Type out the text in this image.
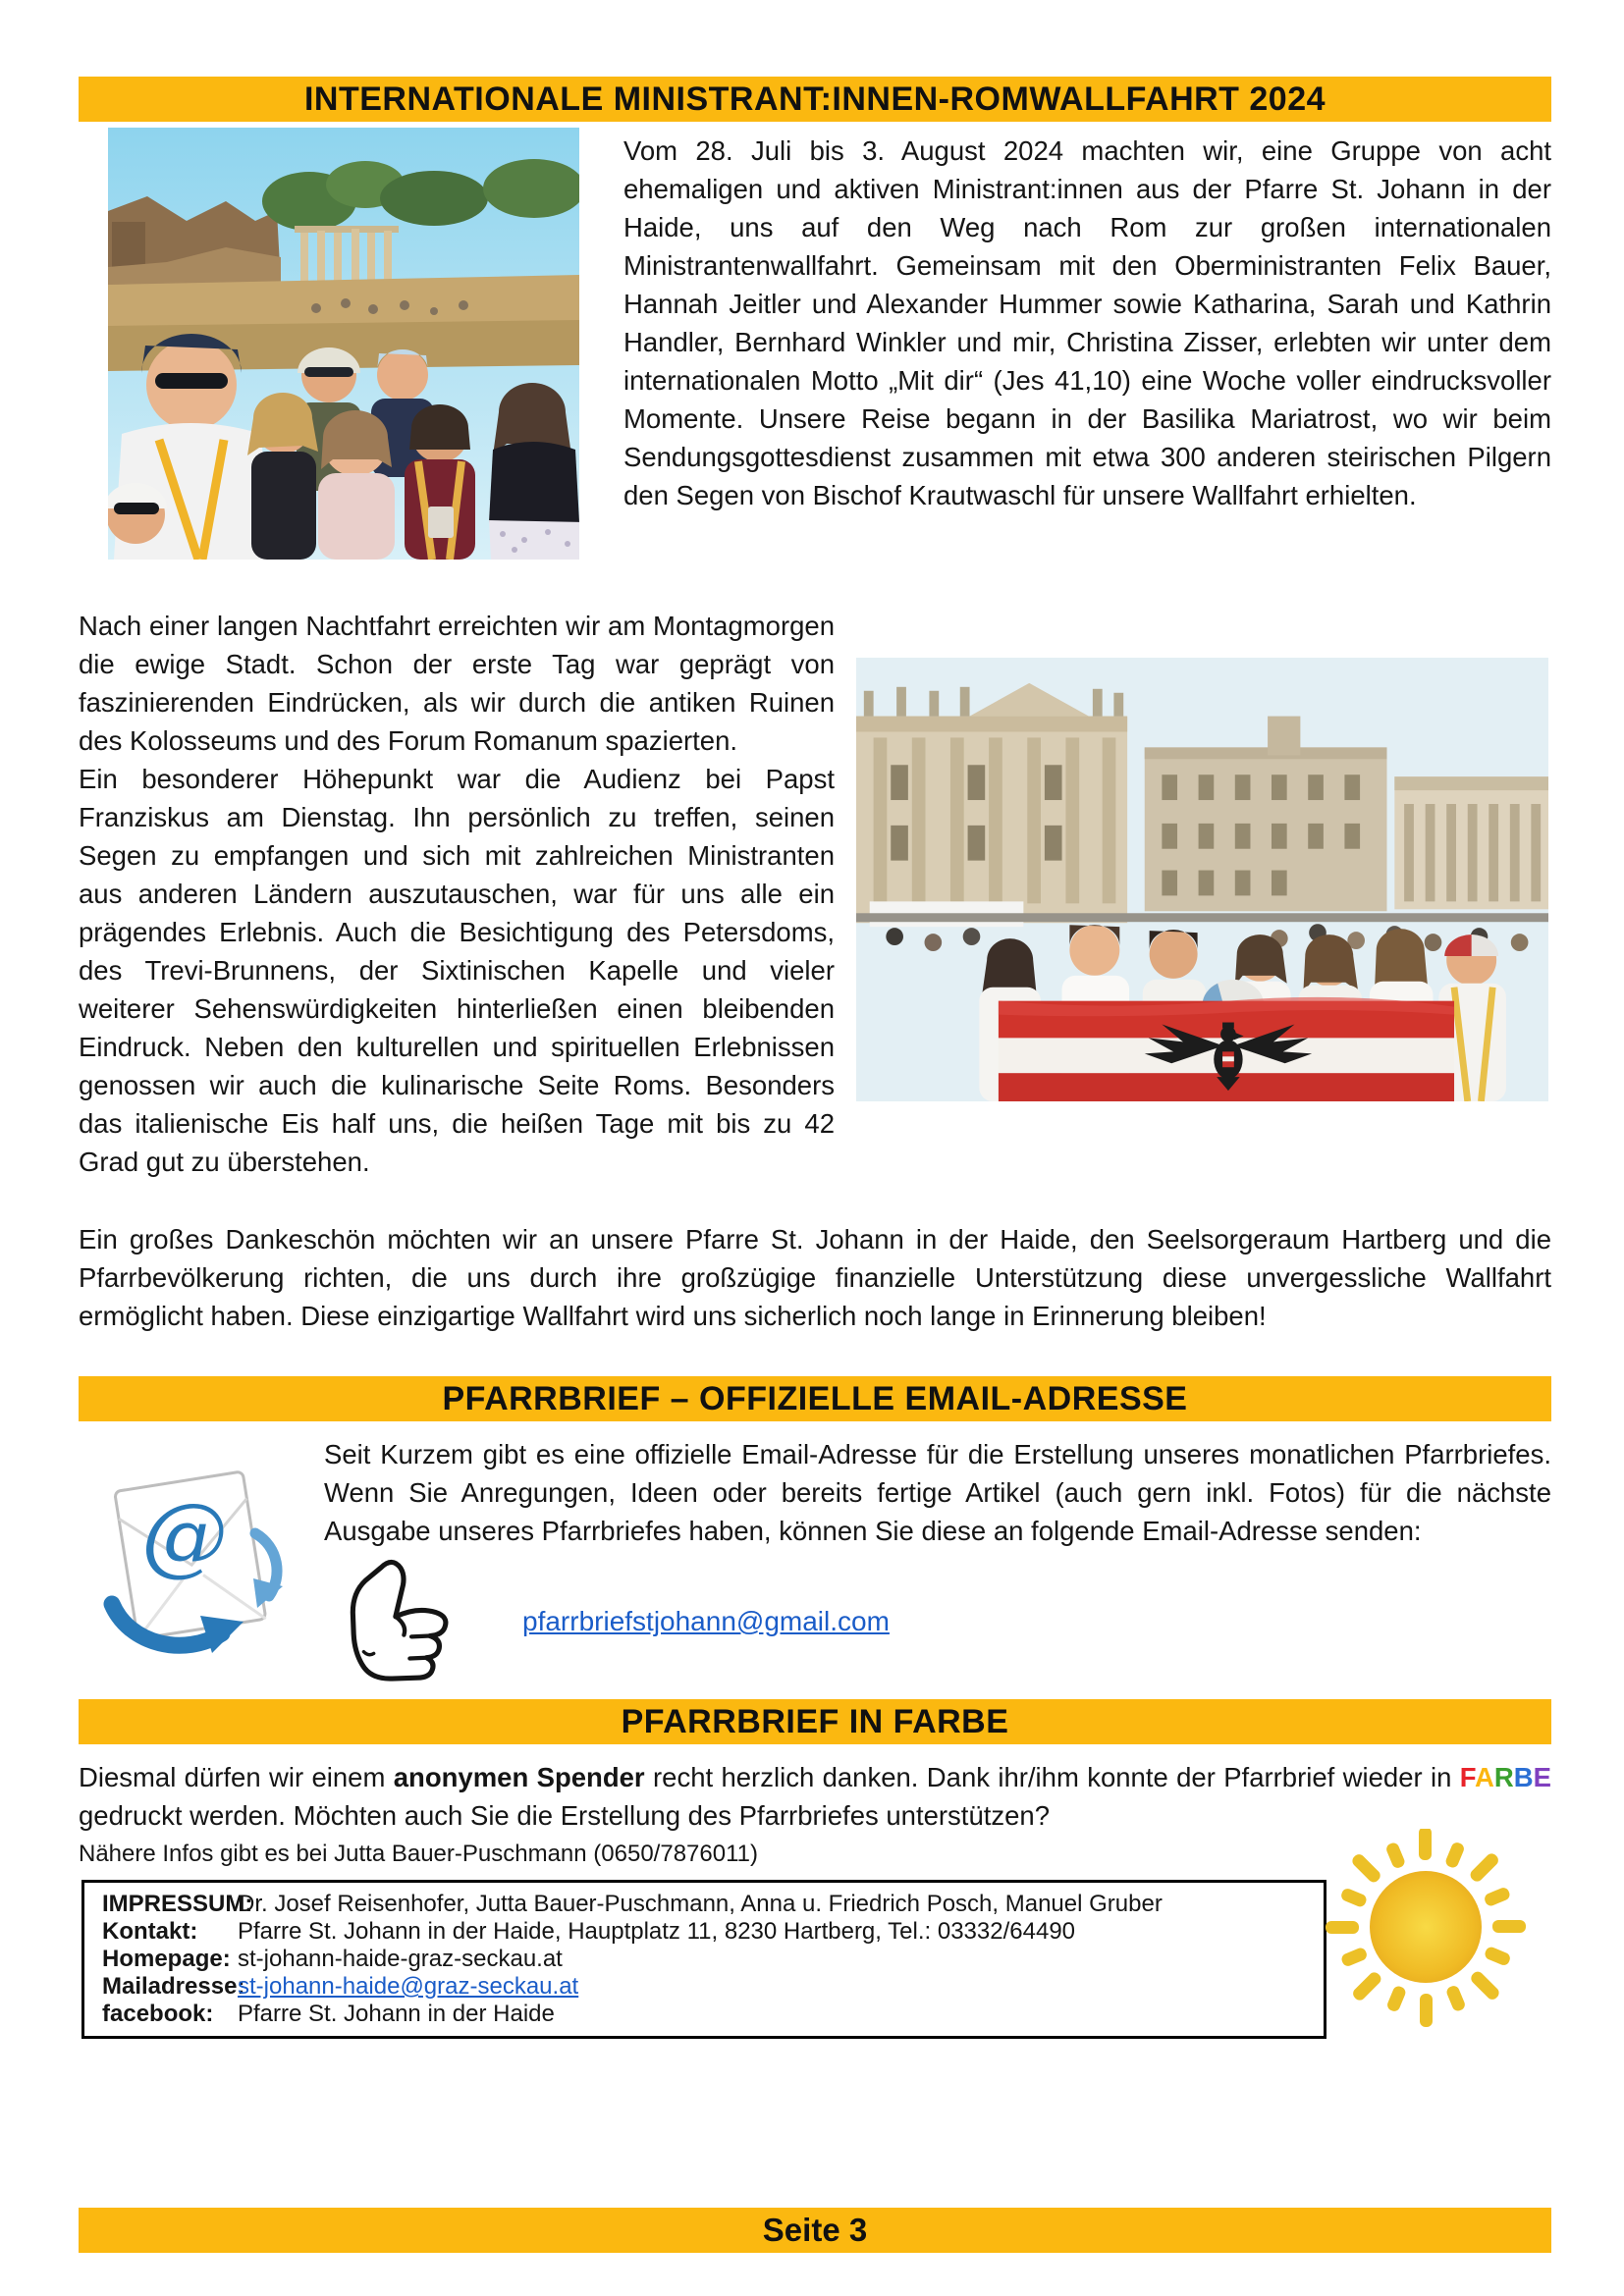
INTERNATIONALE MINISTRANT:INNEN-ROMWALLFAHRT 2024
Vom 28. Juli bis 3. August 2024 machten wir, eine Gruppe von acht ehemaligen und aktiven Ministrant:innen aus der Pfarre St. Johann in der Haide, uns auf den Weg nach Rom zur großen internationalen Ministrantenwallfahrt. Gemeinsam mit den Oberministranten Felix Bauer, Hannah Jeitler und Alexander Hummer sowie Katharina, Sarah und Kathrin Handler, Bernhard Winkler und mir, Christina Zisser, erlebten wir unter dem internationalen Motto „Mit dir“ (Jes 41,10) eine Woche voller eindrucksvoller Momente. Unsere Reise begann in der Basilika Mariatrost, wo wir beim Sendungsgottesdienst zusammen mit etwa 300 anderen steirischen Pilgern den Segen von Bischof Krautwaschl für unsere Wallfahrt erhielten.
Nach einer langen Nachtfahrt erreichten wir am Montagmorgen die ewige Stadt. Schon der erste Tag war geprägt von faszinierenden Eindrücken, als wir durch die antiken Ruinen des Kolosseums und des Forum Romanum spazierten.
Ein besonderer Höhepunkt war die Audienz bei Papst Franziskus am Dienstag. Ihn persönlich zu treffen, seinen Segen zu empfangen und sich mit zahlreichen Ministranten aus anderen Ländern auszutauschen, war für uns alle ein prägendes Erlebnis. Auch die Besichtigung des Petersdoms, des Trevi-Brunnens, der Sixtinischen Kapelle und vieler weiterer Sehenswürdigkeiten hinterließen einen bleibenden Eindruck. Neben den kulturellen und spirituellen Erlebnissen genossen wir auch die kulinarische Seite Roms. Besonders das italienische Eis half uns, die heißen Tage mit bis zu 42 Grad gut zu überstehen.
Ein großes Dankeschön möchten wir an unsere Pfarre St. Johann in der Haide, den Seelsorgeraum Hartberg und die Pfarrbevölkerung richten, die uns durch ihre großzügige finanzielle Unterstützung diese unvergessliche Wallfahrt ermöglicht haben. Diese einzigartige Wallfahrt wird uns sicherlich noch lange in Erinnerung bleiben!
PFARRBRIEF – OFFIZIELLE EMAIL-ADRESSE
@
Seit Kurzem gibt es eine offizielle Email-Adresse für die Erstellung unseres monatlichen Pfarrbriefes. Wenn Sie Anregungen, Ideen oder bereits fertige Artikel (auch gern inkl. Fotos) für die nächste Ausgabe unseres Pfarrbriefes haben, können Sie diese an folgende Email-Adresse senden:
pfarrbriefstjohann@gmail.com
PFARRBRIEF IN FARBE
Diesmal dürfen wir einem anonymen Spender recht herzlich danken. Dank ihr/ihm konnte der Pfarrbrief wieder in FARBE gedruckt werden. Möchten auch Sie die Erstellung des Pfarrbriefes unterstützen?
Nähere Infos gibt es bei Jutta Bauer-Puschmann (0650/7876011)
IMPRESSUM:
Dr. Josef Reisenhofer, Jutta Bauer-Puschmann, Anna u. Friedrich Posch, Manuel Gruber
Kontakt:	Pfarre St. Johann in der Haide, Hauptplatz 11, 8230 Hartberg, Tel.: 03332/64490
Homepage: st-johann-haide-graz-seckau.at
Mailadresse:
st-johann-haide@graz-seckau.at
facebook:	Pfarre St. Johann in der Haide
Seite 3
